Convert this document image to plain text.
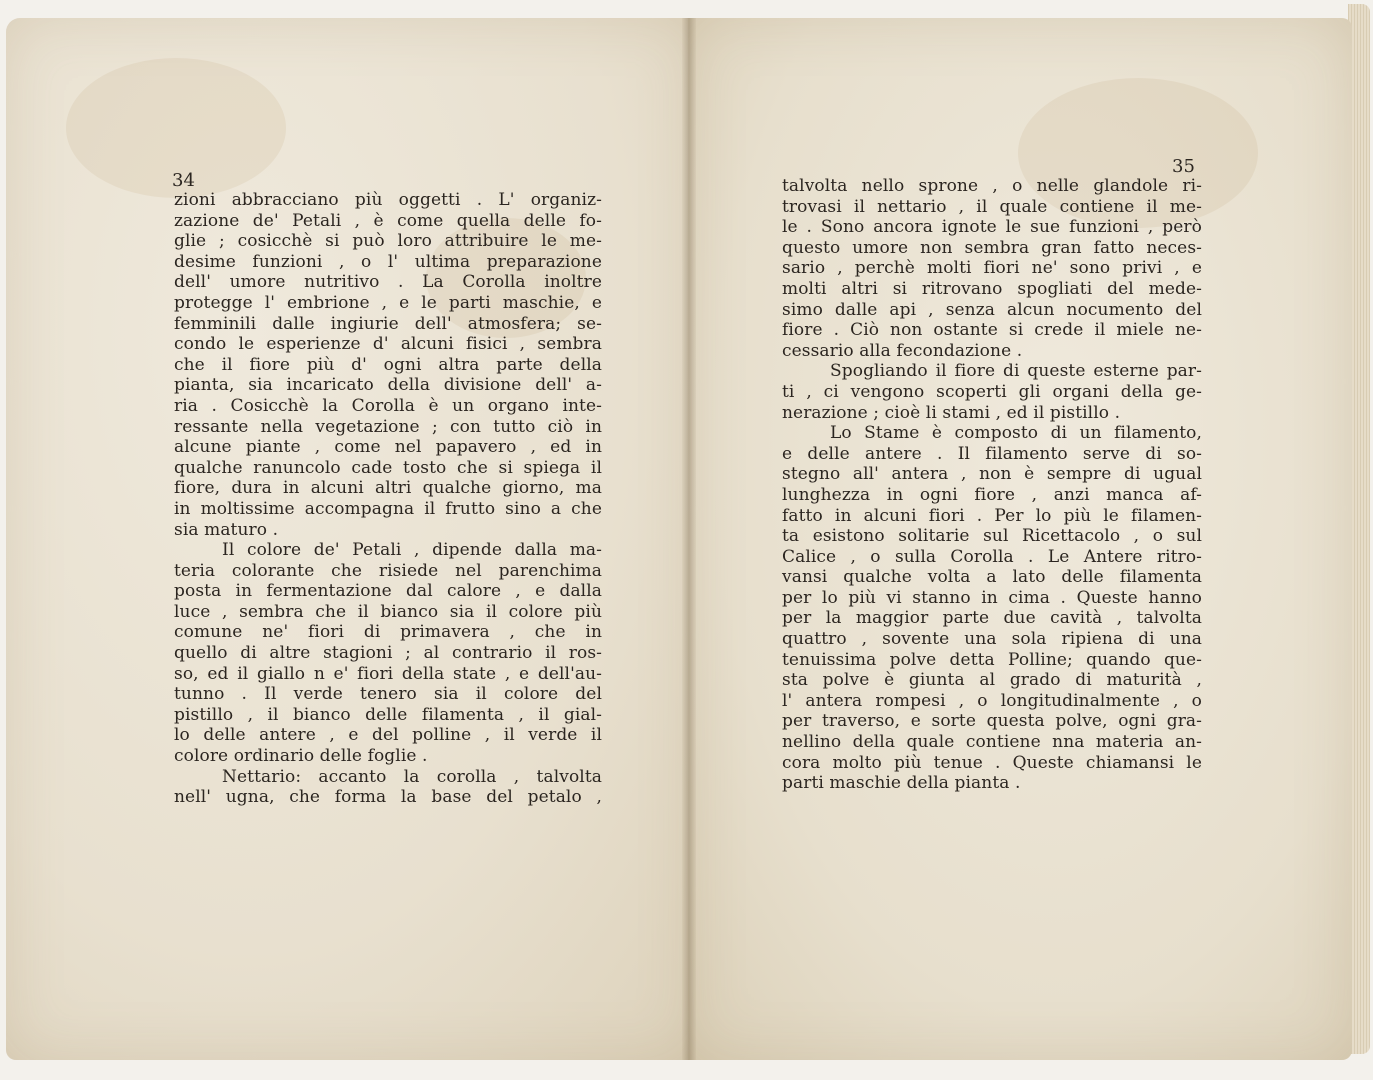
34
35
zioni abbracciano più oggetti . L' organiz-
zazione de' Petali , è come quella delle fo-
glie ; cosicchè si può loro attribuire le me-
desime funzioni , o l' ultima preparazione
dell' umore nutritivo . La Corolla inoltre
protegge l' embrione , e le parti maschie, e
femminili dalle ingiurie dell' atmosfera; se-
condo le esperienze d' alcuni fisici , sembra
che il fiore più d' ogni altra parte della
pianta, sia incaricato della divisione dell' a-
ria . Cosicchè la Corolla è un organo inte-
ressante nella vegetazione ; con tutto ciò in
alcune piante , come nel papavero , ed in
qualche ranuncolo cade tosto che si spiega il
fiore, dura in alcuni altri qualche giorno, ma
in moltissime accompagna il frutto sino a che
sia maturo .
Il colore de' Petali , dipende dalla ma-
teria colorante che risiede nel parenchima
posta in fermentazione dal calore , e dalla
luce , sembra che il bianco sia il colore più
comune ne' fiori di primavera , che in
quello di altre stagioni ; al contrario il ros-
so, ed il giallo n e' fiori della state , e dell'au-
tunno . Il verde tenero sia il colore del
pistillo , il bianco delle filamenta , il gial-
lo delle antere , e del polline , il verde il
colore ordinario delle foglie .
Nettario: accanto la corolla , talvolta
nell' ugna, che forma la base del petalo ,
talvolta nello sprone , o nelle glandole ri-
trovasi il nettario , il quale contiene il me-
le . Sono ancora ignote le sue funzioni , però
questo umore non sembra gran fatto neces-
sario , perchè molti fiori ne' sono privi , e
molti altri si ritrovano spogliati del mede-
simo dalle api , senza alcun nocumento del
fiore . Ciò non ostante si crede il miele ne-
cessario alla fecondazione .
Spogliando il fiore di queste esterne par-
ti , ci vengono scoperti gli organi della ge-
nerazione ; cioè li stami , ed il pistillo .
Lo Stame è composto di un filamento,
e delle antere . Il filamento serve di so-
stegno all' antera , non è sempre di ugual
lunghezza in ogni fiore , anzi manca af-
fatto in alcuni fiori . Per lo più le filamen-
ta esistono solitarie sul Ricettacolo , o sul
Calice , o sulla Corolla . Le Antere ritro-
vansi qualche volta a lato delle filamenta
per lo più vi stanno in cima . Queste hanno
per la maggior parte due cavità , talvolta
quattro , sovente una sola ripiena di una
tenuissima polve detta Polline; quando que-
sta polve è giunta al grado di maturità ,
l' antera rompesi , o longitudinalmente , o
per traverso, e sorte questa polve, ogni gra-
nellino della quale contiene nna materia an-
cora molto più tenue . Queste chiamansi le
parti maschie della pianta .
